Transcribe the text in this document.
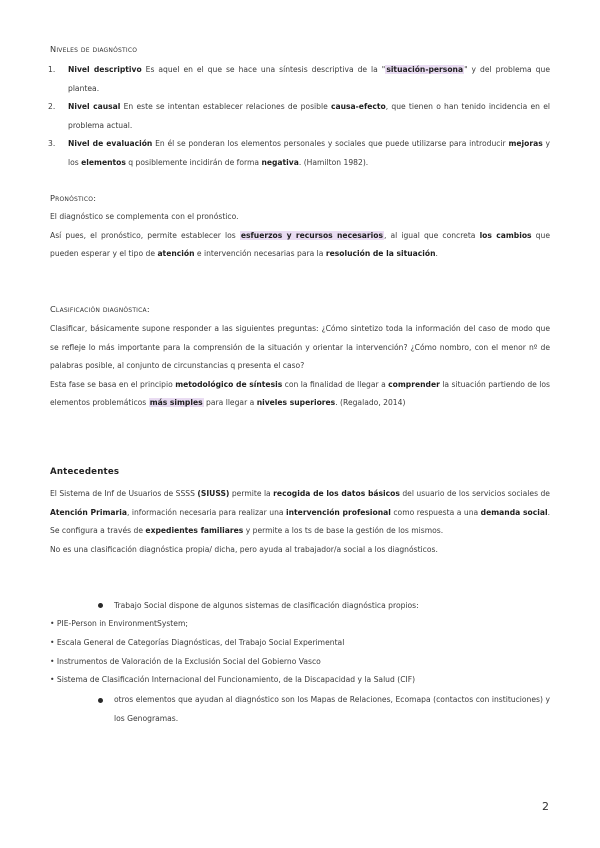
Niveles de diagnóstico

1. Nivel descriptivo Es aquel en el que se hace una síntesis descriptiva de la "situación-persona" y del problema que plantea.

2. Nivel causal En este se intentan establecer relaciones de posible causa-efecto, que tienen o han tenido incidencia en el problema actual.

3. Nivel de evaluación En él se ponderan los elementos personales y sociales que puede utilizarse para introducir mejoras y los elementos q posiblemente incidirán de forma negativa. (Hamilton 1982).

Pronóstico:

El diagnóstico se complementa con el pronóstico.
Así pues, el pronóstico, permite establecer los esfuerzos y recursos necesarios, al igual que concreta los cambios que pueden esperar y el tipo de atención e intervención necesarias para la resolución de la situación.

Clasificación diagnóstica:

Clasificar, básicamente supone responder a las siguientes preguntas: ¿Cómo sintetizo toda la información del caso de modo que se refleje lo más importante para la comprensión de la situación y orientar la intervención? ¿Cómo nombro, con el menor nº de palabras posible, al conjunto de circunstancias q presenta el caso?
Esta fase se basa en el principio metodológico de síntesis con la finalidad de llegar a comprender la situación partiendo de los elementos problemáticos más simples para llegar a niveles superiores. (Regalado, 2014)

Antecedentes

El Sistema de Inf de Usuarios de SSSS (SIUSS) permite la recogida de los datos básicos del usuario de los servicios sociales de Atención Primaria, información necesaria para realizar una intervención profesional como respuesta a una demanda social. Se configura a través de expedientes familiares y permite a los ts de base la gestión de los mismos.
No es una clasificación diagnóstica propia/ dicha, pero ayuda al trabajador/a social a los diagnósticos.

Trabajo Social dispone de algunos sistemas de clasificación diagnóstica propios:
• PIE-Person in EnvironmentSystem;
• Escala General de Categorías Diagnósticas, del Trabajo Social Experimental
• Instrumentos de Valoración de la Exclusión Social del Gobierno Vasco
• Sistema de Clasificación Internacional del Funcionamiento, de la Discapacidad y la Salud (CIF)
otros elementos que ayudan al diagnóstico son los Mapas de Relaciones, Ecomapa (contactos con instituciones) y los Genogramas.
2
